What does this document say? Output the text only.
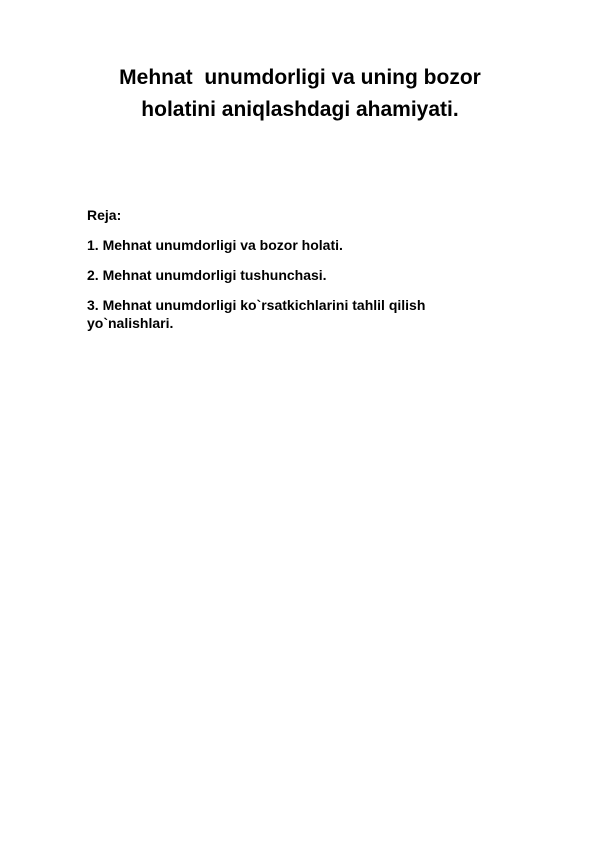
Mehnat  unumdorligi va uning bozor
holatini aniqlashdagi ahamiyati.
Reja:
1. Mehnat unumdorligi va bozor holati.
2. Mehnat unumdorligi tushunchasi.
3. Mehnat unumdorligi ko`rsatkichlarini tahlil qilish yo`nalishlari.
